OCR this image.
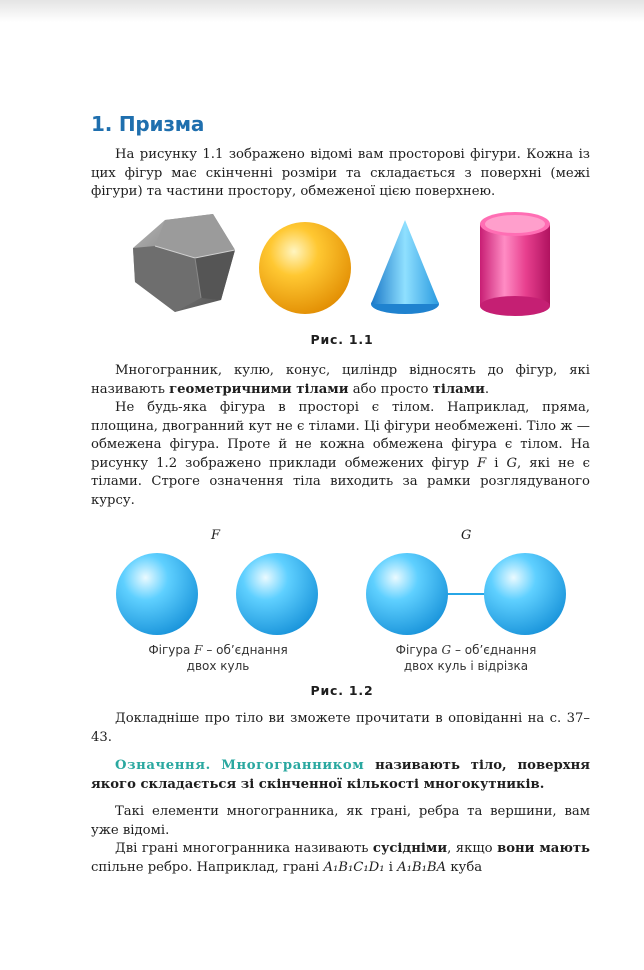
1. Призма

На рисунку 1.1 зображено відомі вам просторові фігури. Кожна із цих фігур має скінченні розміри та складається з поверхні (межі фігури) та частини простору, обмеженої цією поверхнею.

Рис. 1.1

Многогранник, кулю, конус, циліндр відносять до фігур, які називають геометричними тілами або просто тілами.

Не будь-яка фігура в просторі є тілом. Наприклад, пряма, площина, двогранний кут не є тілами. Ці фігури необмежені. Тіло ж — обмежена фігура. Проте й не кожна обмежена фігура є тілом. На рисунку 1.2 зображено приклади обмежених фігур F і G, які не є тілами. Строге означення тіла виходить за рамки розглядуваного курсу.

F	G
Фігура F – об’єднання
двох куль
Фігура G – об’єднання
двох куль і відрізка
Рис. 1.2

Докладніше про тіло ви зможете прочитати в оповіданні на с. 37–43.

Означення. Многогранником називають тіло, поверхня якого складається зі скінченної кількості многокутників.

Такі елементи многогранника, як грані, ребра та вершини, вам уже відомі.

Дві грані многогранника називають сусідніми, якщо вони мають спільне ребро. Наприклад, грані A₁B₁C₁D₁ і A₁B₁BA куба
